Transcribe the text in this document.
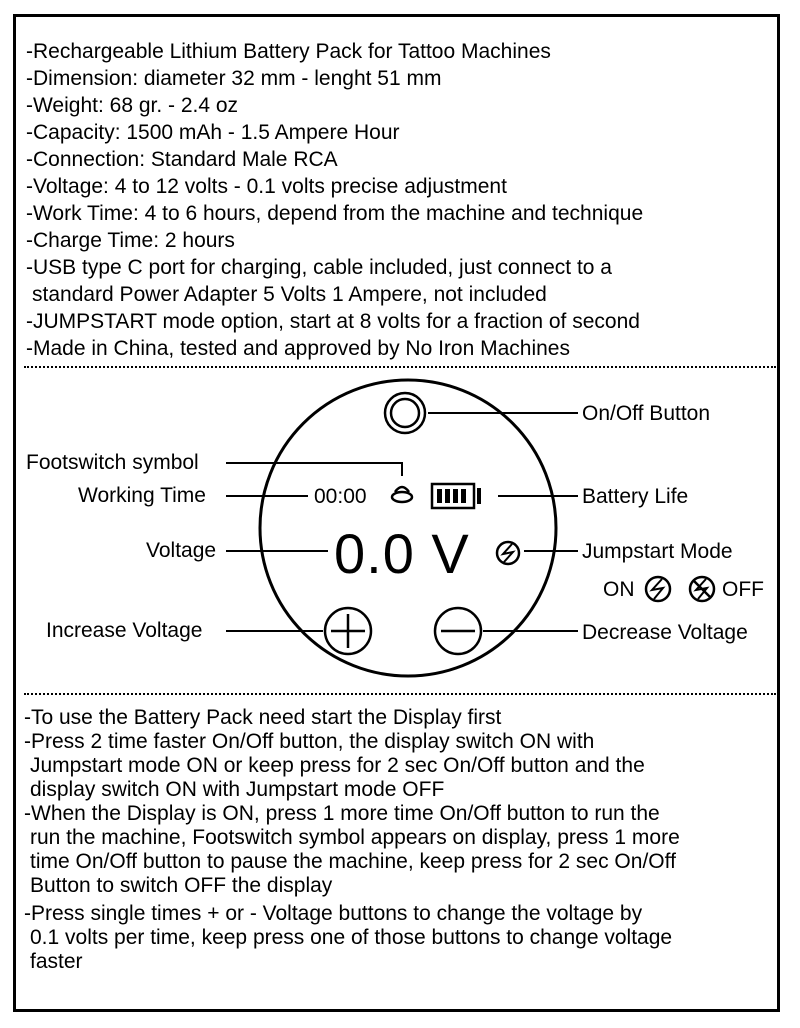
-Rechargeable Lithium Battery Pack for Tattoo Machines
-Dimension: diameter 32 mm - lenght 51 mm
-Weight: 68 gr. - 2.4 oz
-Capacity: 1500 mAh - 1.5 Ampere Hour
-Connection: Standard Male RCA
-Voltage: 4 to 12 volts - 0.1 volts precise adjustment
-Work Time: 4 to 6 hours, depend from the machine and technique
-Charge Time: 2 hours
-USB type C port for charging, cable included, just connect to a
standard Power Adapter 5 Volts 1 Ampere, not included
-JUMPSTART mode option, start at 8 volts for a fraction of second
-Made in China, tested and approved by No Iron Machines
00:00
0.0 V
On/Off Button
Footswitch symbol
Working Time	Battery Life
Voltage	Jumpstart Mode
ON	OFF
Increase Voltage	Decrease Voltage
-To use the Battery Pack need start the Display first
-Press 2 time faster On/Off button, the display switch ON with
Jumpstart mode ON or keep press for 2 sec On/Off button and the
display switch ON with Jumpstart mode OFF
-When the Display is ON, press 1 more time On/Off button to run the
run the machine, Footswitch symbol appears on display, press 1 more
time On/Off button to pause the machine, keep press for 2 sec On/Off
Button to switch OFF the display
-Press single times + or - Voltage buttons to change the voltage by
0.1 volts per time, keep press one of those buttons to change voltage
faster
